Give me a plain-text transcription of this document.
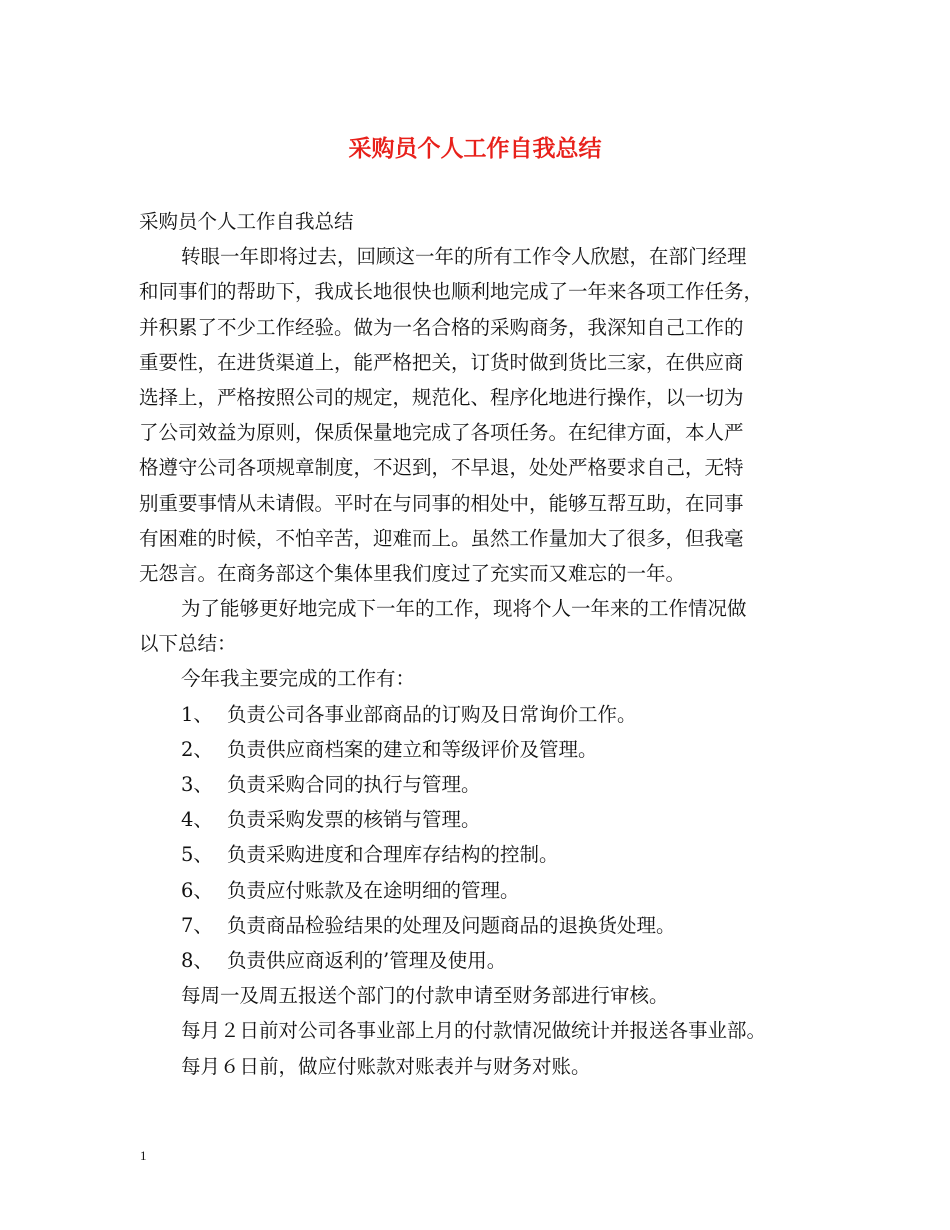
采购员个人工作自我总结
采购员个人工作自我总结
转眼一年即将过去，回顾这一年的所有工作令人欣慰，在部门经理
和同事们的帮助下，我成长地很快也顺利地完成了一年来各项工作任务，
并积累了不少工作经验。做为一名合格的采购商务，我深知自己工作的
重要性，在进货渠道上，能严格把关，订货时做到货比三家，在供应商
选择上，严格按照公司的规定，规范化、程序化地进行操作，以一切为
了公司效益为原则，保质保量地完成了各项任务。在纪律方面，本人严
格遵守公司各项规章制度，不迟到，不早退，处处严格要求自己，无特
别重要事情从未请假。平时在与同事的相处中，能够互帮互助，在同事
有困难的时候，不怕辛苦，迎难而上。虽然工作量加大了很多，但我毫
无怨言。在商务部这个集体里我们度过了充实而又难忘的一年。
为了能够更好地完成下一年的工作，现将个人一年来的工作情况做
以下总结：
今年我主要完成的工作有：
1、 负责公司各事业部商品的订购及日常询价工作。
2、 负责供应商档案的建立和等级评价及管理。
3、 负责采购合同的执行与管理。
4、 负责采购发票的核销与管理。
5、 负责采购进度和合理库存结构的控制。
6、 负责应付账款及在途明细的管理。
7、 负责商品检验结果的处理及问题商品的退换货处理。
8、 负责供应商返利的’管理及使用。
每周一及周五报送个部门的付款申请至财务部进行审核。
每月２日前对公司各事业部上月的付款情况做统计并报送各事业部。
每月６日前，做应付账款对账表并与财务对账。
1
